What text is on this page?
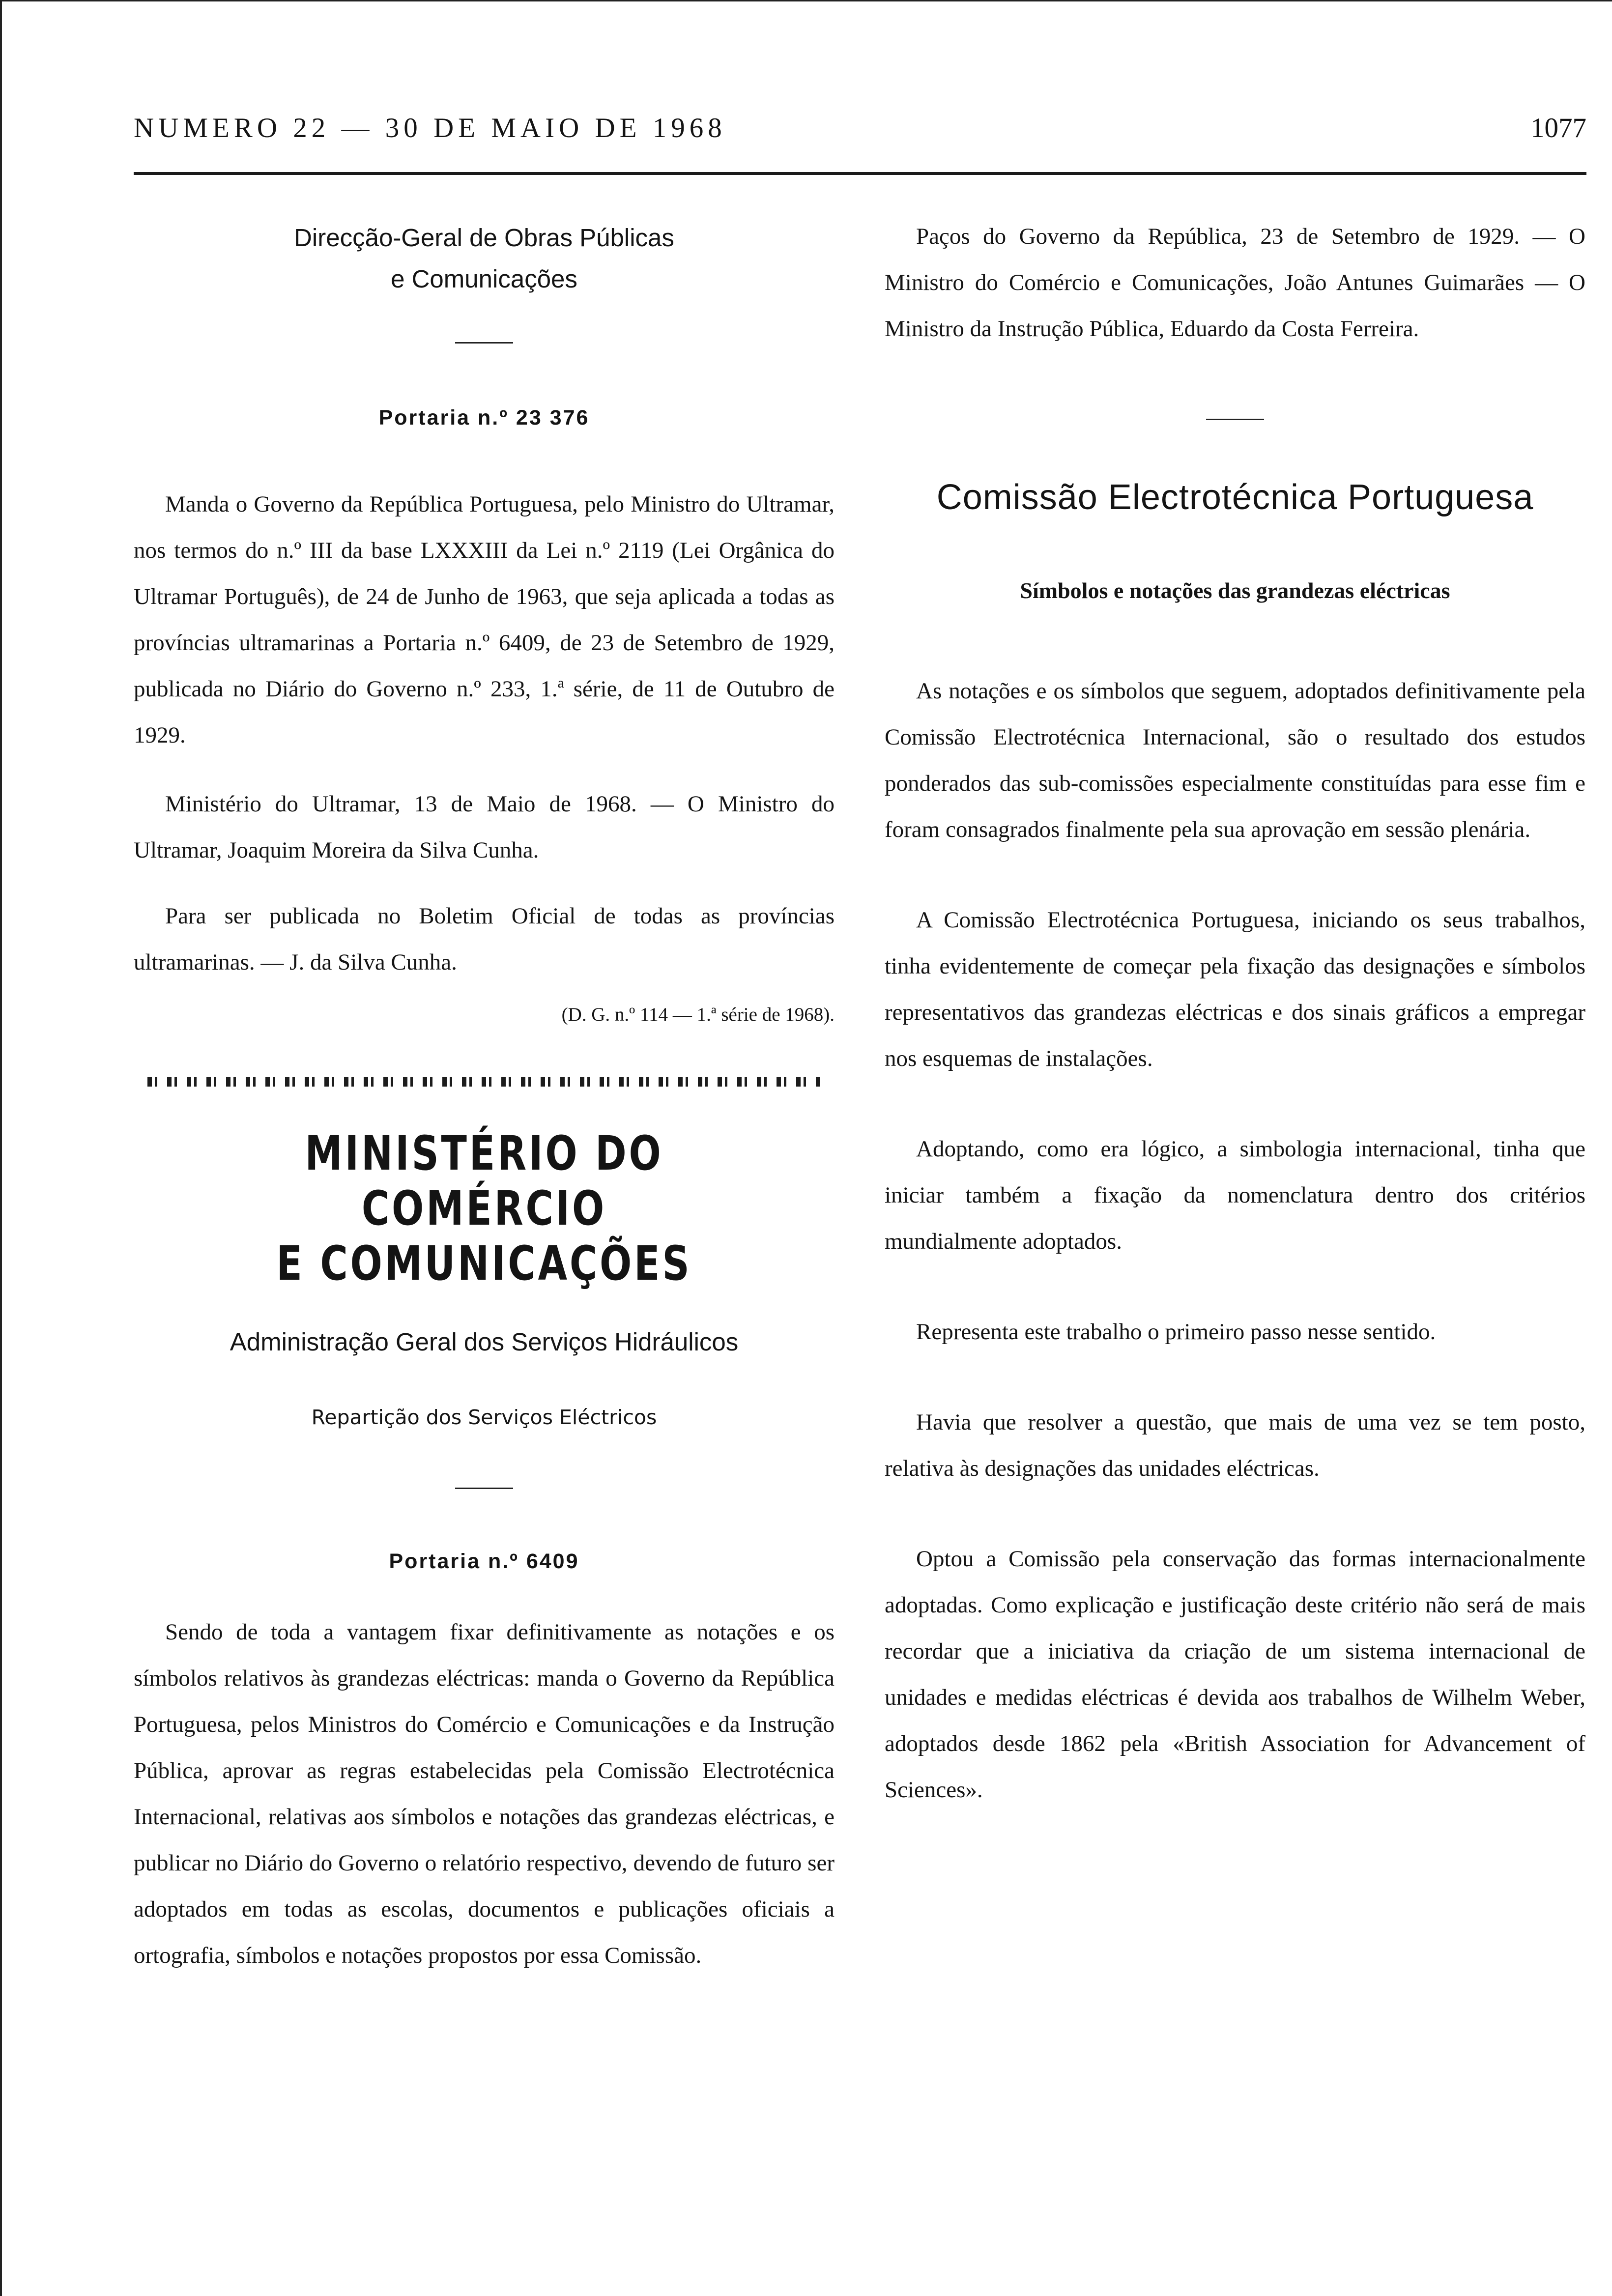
NUMERO 22 — 30 DE MAIO DE 1968	1077

Direcção-Geral de Obras Públicas

e Comunicações

Portaria n.º 23 376

Manda o Governo da República Portuguesa, pelo Ministro do Ultramar, nos termos do n.º III da base LXXXIII da Lei n.º 2119 (Lei Orgânica do Ultramar Português), de 24 de Junho de 1963, que seja aplicada a todas as províncias ultramarinas a Portaria n.º 6409, de 23 de Setembro de 1929, publicada no Diário do Governo n.º 233, 1.ª série, de 11 de Outubro de 1929.

Ministério do Ultramar, 13 de Maio de 1968. — O Ministro do Ultramar, Joaquim Moreira da Silva Cunha.

Para ser publicada no Boletim Oficial de todas as províncias ultramarinas. — J. da Silva Cunha.

(D. G. n.º 114 — 1.ª série de 1968).

MINISTÉRIO DO COMÉRCIO

E COMUNICAÇÕES

Administração Geral dos Serviços Hidráulicos

Repartição dos Serviços Eléctricos

Portaria n.º 6409

Sendo de toda a vantagem fixar definitivamente as notações e os símbolos relativos às grandezas eléctricas: manda o Governo da República Portuguesa, pelos Ministros do Comércio e Comunicações e da Instrução Pública, aprovar as regras estabelecidas pela Comissão Electrotécnica Internacional, relativas aos símbolos e notações das grandezas eléctricas, e publicar no Diário do Governo o relatório respectivo, devendo de futuro ser adoptados em todas as escolas, documentos e publicações oficiais a ortografia, símbolos e notações propostos por essa Comissão.

Paços do Governo da República, 23 de Setembro de 1929. — O Ministro do Comércio e Comunicações, João Antunes Guimarães — O Ministro da Instrução Pública, Eduardo da Costa Ferreira.

Comissão Electrotécnica Portuguesa

Símbolos e notações das grandezas eléctricas

As notações e os símbolos que seguem, adoptados definitivamente pela Comissão Electrotécnica Internacional, são o resultado dos estudos ponderados das sub-comissões especialmente constituídas para esse fim e foram consagrados finalmente pela sua aprovação em sessão plenária.

A Comissão Electrotécnica Portuguesa, iniciando os seus trabalhos, tinha evidentemente de começar pela fixação das designações e símbolos representativos das grandezas eléctricas e dos sinais gráficos a empregar nos esquemas de instalações.

Adoptando, como era lógico, a simbologia internacional, tinha que iniciar também a fixação da nomenclatura dentro dos critérios mundialmente adoptados.

Representa este trabalho o primeiro passo nesse sentido.

Havia que resolver a questão, que mais de uma vez se tem posto, relativa às designações das unidades eléctricas.

Optou a Comissão pela conservação das formas internacionalmente adoptadas. Como explicação e justificação deste critério não será de mais recordar que a iniciativa da criação de um sistema internacional de unidades e medidas eléctricas é devida aos trabalhos de Wilhelm Weber, adoptados desde 1862 pela «British Association for Advancement of Sciences».
